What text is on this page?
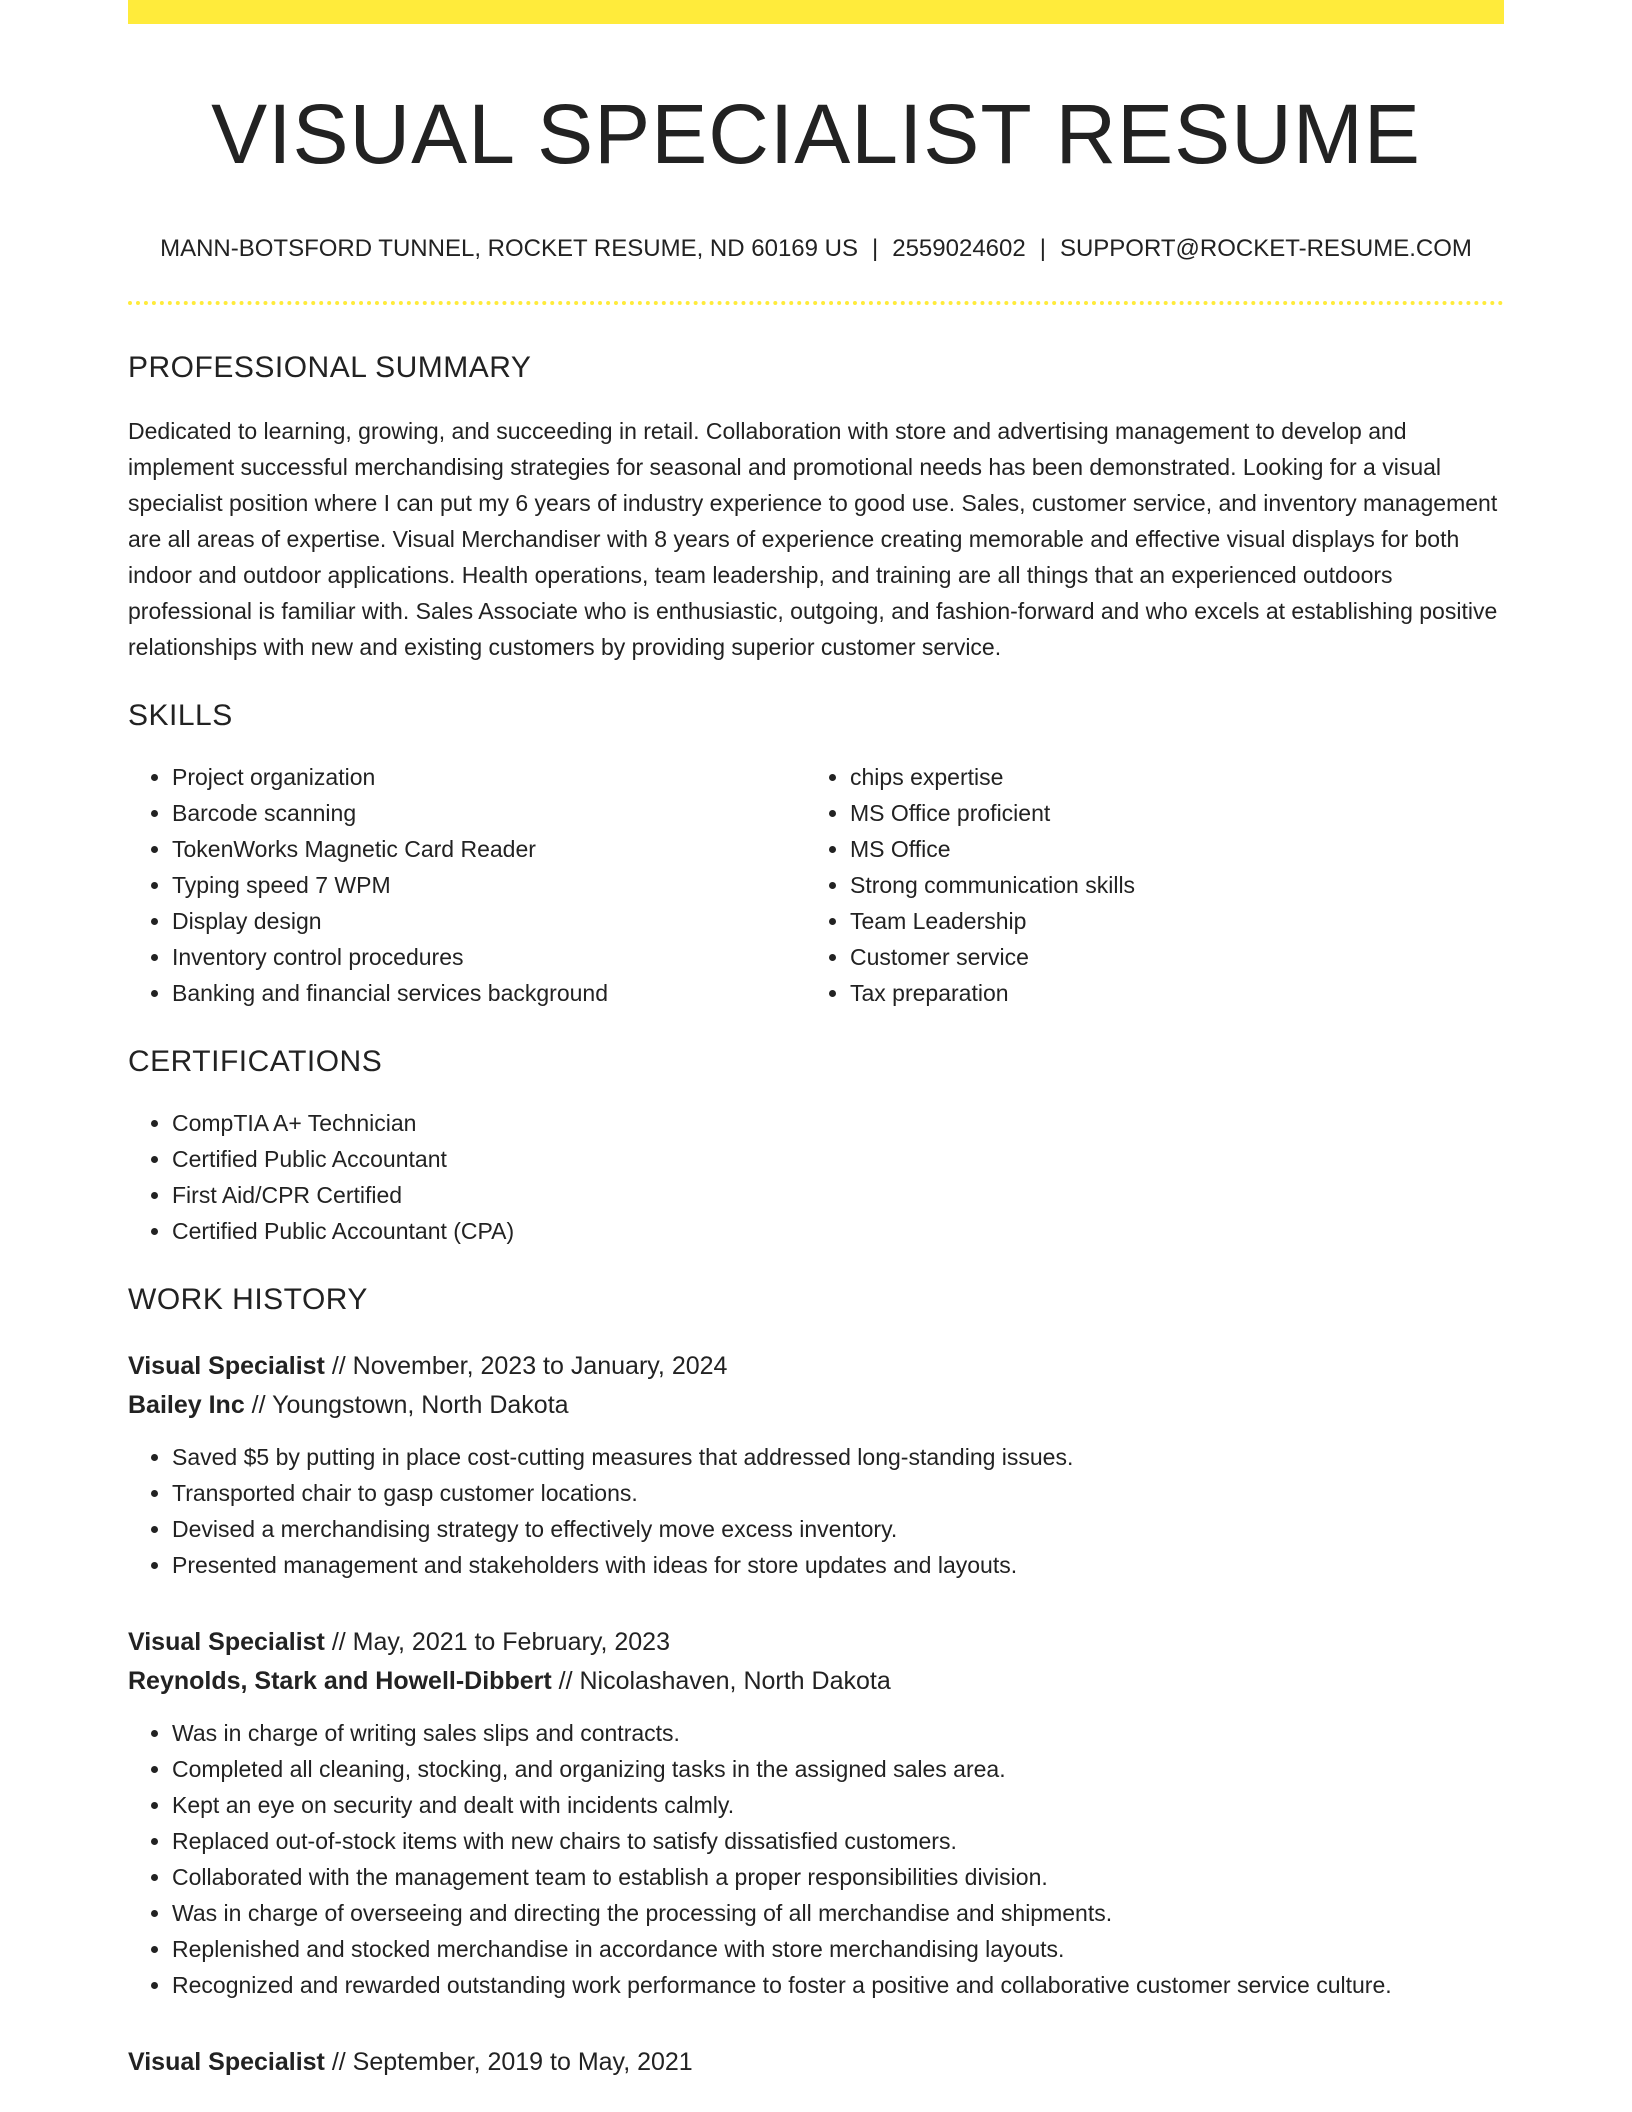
VISUAL SPECIALIST RESUME
MANN-BOTSFORD TUNNEL, ROCKET RESUME, ND 60169 US | 2559024602 | SUPPORT@ROCKET-RESUME.COM
PROFESSIONAL SUMMARY

Dedicated to learning, growing, and succeeding in retail. Collaboration with store and advertising management to develop and implement successful merchandising strategies for seasonal and promotional needs has been demonstrated. Looking for a visual specialist position where I can put my 6 years of industry experience to good use. Sales, customer service, and inventory management are all areas of expertise. Visual Merchandiser with 8 years of experience creating memorable and effective visual displays for both indoor and outdoor applications. Health operations, team leadership, and training are all things that an experienced outdoors professional is familiar with. Sales Associate who is enthusiastic, outgoing, and fashion-forward and who excels at establishing positive relationships with new and existing customers by providing superior customer service.

SKILLS
• Project organization
• Barcode scanning
• TokenWorks Magnetic Card Reader
• Typing speed 7 WPM
• Display design
• Inventory control procedures
• Banking and financial services background
• chips expertise
• MS Office proficient
• MS Office
• Strong communication skills
• Team Leadership
• Customer service
• Tax preparation
CERTIFICATIONS
• CompTIA A+ Technician
• Certified Public Accountant
• First Aid/CPR Certified
• Certified Public Accountant (CPA)
WORK HISTORY
Visual Specialist // November, 2023 to January, 2024
Bailey Inc // Youngstown, North Dakota
• Saved $5 by putting in place cost-cutting measures that addressed long-standing issues.
• Transported chair to gasp customer locations.
• Devised a merchandising strategy to effectively move excess inventory.
• Presented management and stakeholders with ideas for store updates and layouts.
Visual Specialist // May, 2021 to February, 2023
Reynolds, Stark and Howell-Dibbert // Nicolashaven, North Dakota
• Was in charge of writing sales slips and contracts.
• Completed all cleaning, stocking, and organizing tasks in the assigned sales area.
• Kept an eye on security and dealt with incidents calmly.
• Replaced out-of-stock items with new chairs to satisfy dissatisfied customers.
• Collaborated with the management team to establish a proper responsibilities division.
• Was in charge of overseeing and directing the processing of all merchandise and shipments.
• Replenished and stocked merchandise in accordance with store merchandising layouts.
• Recognized and rewarded outstanding work performance to foster a positive and collaborative customer service culture.
Visual Specialist // September, 2019 to May, 2021
